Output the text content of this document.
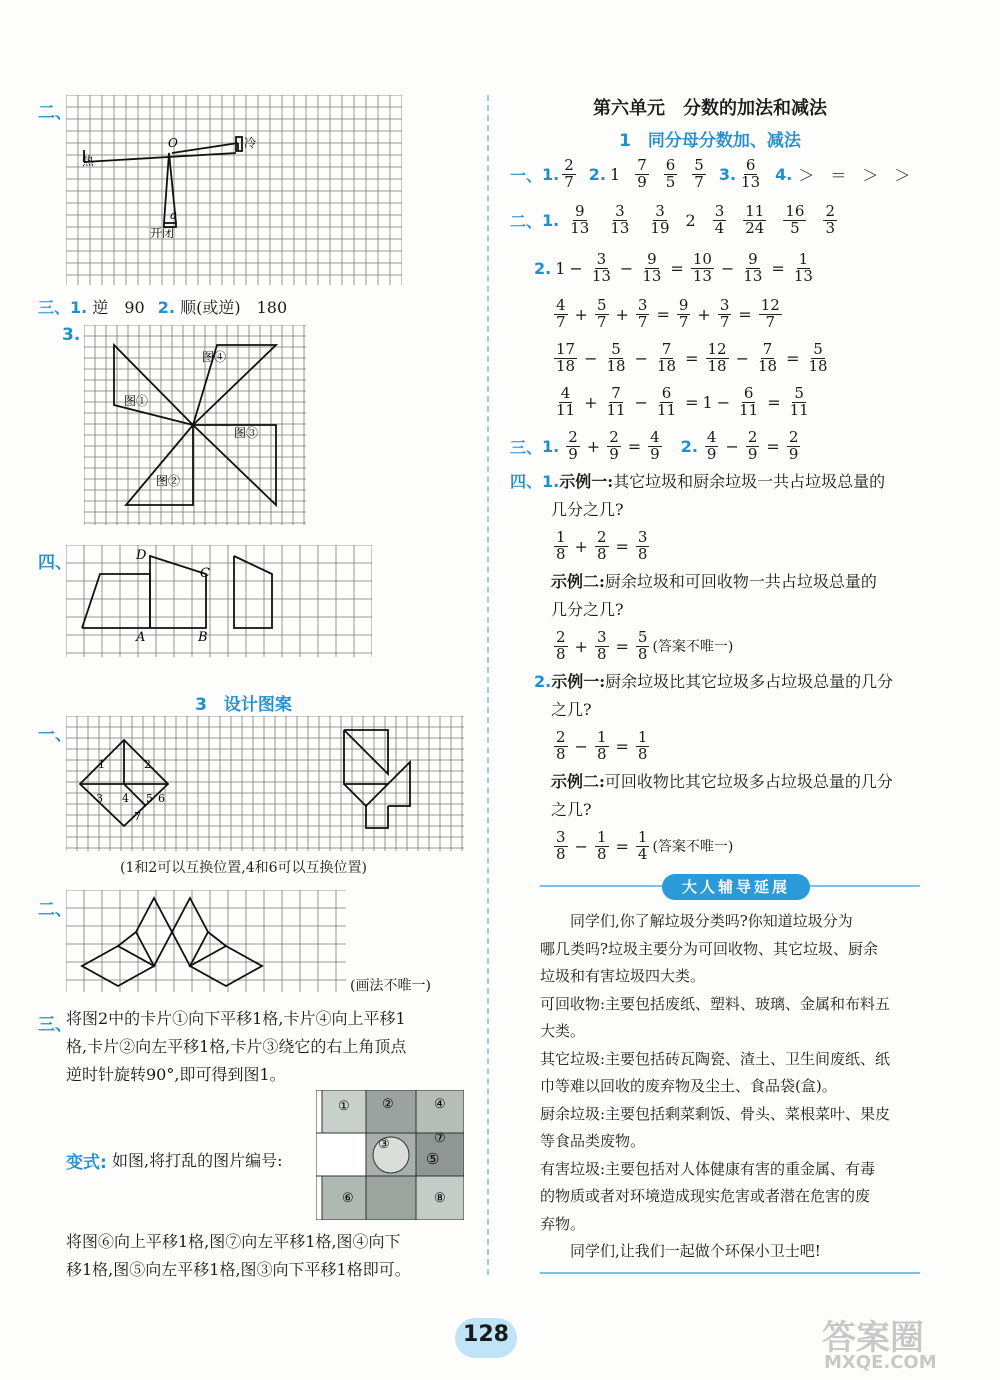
二、
热
冷
O
a
开闭
三、1. 逆　90 2. 顺(或逆)　180
3.
图④
图①
图③
图②
四、	D
C
A	B
3　设计图案
一、
1	2
3 4 5 6
7
(1和2可以互换位置,4和6可以互换位置)
二、
(画法不唯一)
三、
将图2中的卡片①向下平移1格,卡片④向上平移1
格,卡片②向左平移1格,卡片③绕它的右上角顶点
逆时针旋转90°,即可得到图1。
变式: 如图,将打乱的图片编号:
① ②	④
⑦
③
⑤
⑥	⑧
将图⑥向上平移1格,图⑦向左平移1格,图④向下
移1格,图⑤向左平移1格,图③向下平移1格即可。
第六单元　分数的加法和减法
1　同分母分数加、减法
一、 1. 2
7 2. 1 7
9
6
5
5
7 3. 6
13 4. ＞　＝　＞　＞
二、 1. 9
13
3
13
3
19 2 3
4
11
24
16
5
2
3
2. $1 - \frac{3}{13} - \frac{9}{13} = \frac{10}{13} - \frac{9}{13} = \frac{1}{13}$
4
$7 + \frac{5}{7} + \frac{3}{7} = \frac{9}{7} + \frac{3}{7} = \frac{12}{7}$
17
$18 - \frac{5}{18} - \frac{7}{18} = \frac{12}{18} - \frac{7}{18} = \frac{5}{18}$
4
$11 + \frac{7}{11} - \frac{6}{11} = 1 - \frac{6}{11} = \frac{5}{11}$
三、 1. 2
$9 + \frac{2}{9} = \frac{4}{9} 2$. 4
$9 - \frac{2}{9} = \frac{2}{9}$
四、1.示例一:其它垃圾和厨余垃圾一共占垃圾总量的
几分之几?
1
$8 + \frac{2}{8} = \frac{3}{8}$
示例二:厨余垃圾和可回收物一共占垃圾总量的
几分之几?
2
$8 + \frac{3}{8} = \frac{5}{8}$ (答案不唯一)
2.示例一:厨余垃圾比其它垃圾多占垃圾总量的几分
之几?
2
$8 - \frac{1}{8} = \frac{1}{8}$
示例二:可回收物比其它垃圾多占垃圾总量的几分
之几?
3
$8 - \frac{1}{8} = \frac{1}{4}$ (答案不唯一)
大人辅导延展
　　同学们,你了解垃圾分类吗?你知道垃圾分为
哪几类吗?垃圾主要分为可回收物、其它垃圾、厨余
垃圾和有害垃圾四大类。
可回收物:主要包括废纸、塑料、玻璃、金属和布料五
大类。
其它垃圾:主要包括砖瓦陶瓷、渣土、卫生间废纸、纸
巾等难以回收的废弃物及尘土、食品袋(盒)。
厨余垃圾:主要包括剩菜剩饭、骨头、菜根菜叶、果皮
等食品类废物。
有害垃圾:主要包括对人体健康有害的重金属、有毒
的物质或者对环境造成现实危害或者潜在危害的废
弃物。
　　同学们,让我们一起做个环保小卫士吧!
128	答案圈
MXQE.COM
